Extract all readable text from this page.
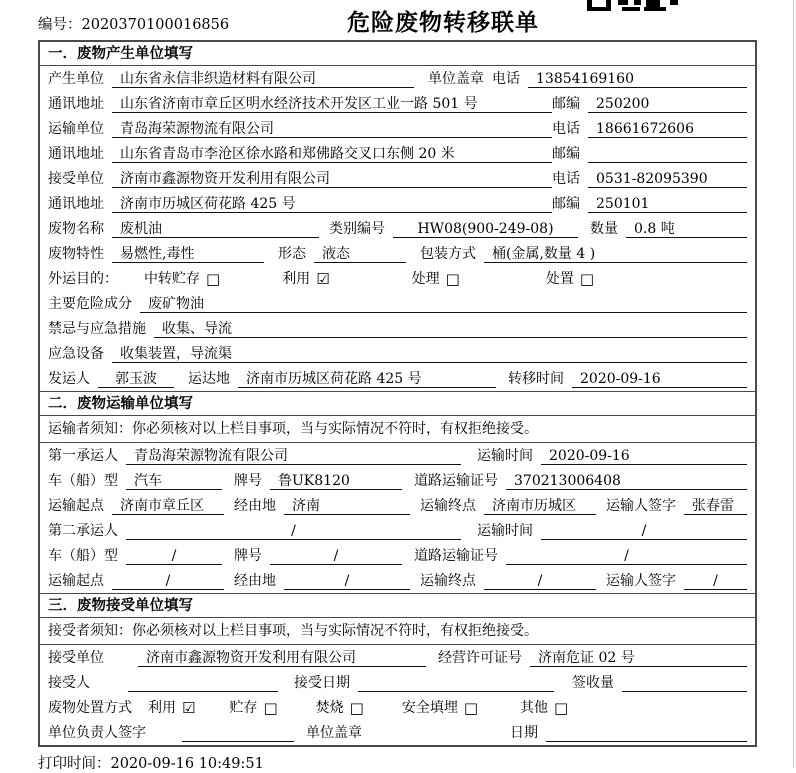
编号：2020370100016856	危险废物转移联单
一．废物产生单位填写
产生单位	山东省永信非织造材料有限公司	单位盖章 电话	13854169160
通讯地址	山东省济南市章丘区明水经济技术开发区工业一路 501 号	邮编	250200
运输单位	青岛海荣源物流有限公司	电话	18661672606
通讯地址	山东省青岛市李沧区徐水路和郑佛路交叉口东侧 20 米	邮编
接受单位	济南市鑫源物资开发利用有限公司	电话	0531-82095390
通讯地址	济南市历城区荷花路 425 号	邮编	250101
废物名称	废机油	类别编号	HW08(900-249-08)	数量	0.8 吨
废物特性	易燃性,毒性	形态	液态	包装方式	桶(金属,数量 4 )
外运目的： 中转贮存 □	利用 ☑	处理 □	处置 □
主要危险成分	废矿物油
禁忌与应急措施	收集、导流
应急设备	收集装置，导流渠
发运人	郭玉波	运达地	济南市历城区荷花路 425 号	转移时间	2020-09-16
二．废物运输单位填写
运输者须知：你必须核对以上栏目事项，当与实际情况不符时，有权拒绝接受。
第一承运人	青岛海荣源物流有限公司	运输时间	2020-09-16
车（船）型	汽车	牌号	鲁UK8120	道路运输证号	370213006408
运输起点	济南市章丘区	经由地	济南	运输终点	济南市历城区	运输人签字	张春雷
第二承运人	/	运输时间	/
车（船）型	/	牌号	/	道路运输证号	/
运输起点	/	经由地	/	运输终点	/	运输人签字	/
三．废物接受单位填写
接受者须知：你必须核对以上栏目事项，当与实际情况不符时，有权拒绝接受。
接受单位	济南市鑫源物资开发利用有限公司	经营许可证号	济南危证 02 号
接受人	接受日期	签收量
废物处置方式 利用 ☑ 贮存 □	焚烧 □	安全填埋 □	其他 □
单位负责人签字	单位盖章	日期
打印时间：2020-09-16 10:49:51
